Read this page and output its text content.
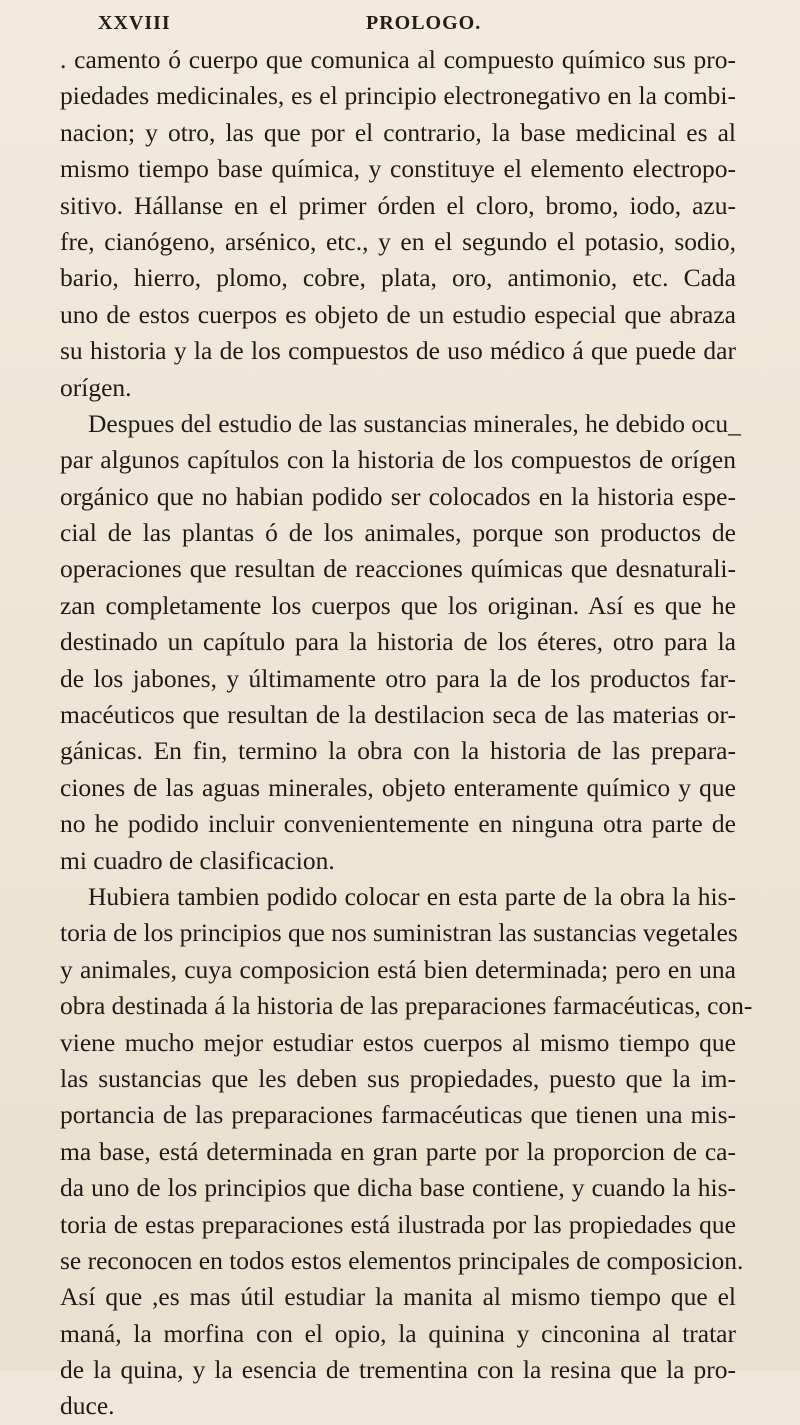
XXVIII	PROLOGO.
. camento ó cuerpo que comunica al compuesto químico sus pro-
piedades medicinales, es el principio electronegativo en la combi-
nacion; y otro, las que por el contrario, la base medicinal es al
mismo tiempo base química, y constituye el elemento electropo-
sitivo. Hállanse en el primer órden el cloro, bromo, iodo, azu-
fre, cianógeno, arsénico, etc., y en el segundo el potasio, sodio,
bario, hierro, plomo, cobre, plata, oro, antimonio, etc. Cada
uno de estos cuerpos es objeto de un estudio especial que abraza
su historia y la de los compuestos de uso médico á que puede dar
orígen.
Despues del estudio de las sustancias minerales, he debido ocu_
par algunos capítulos con la historia de los compuestos de orígen
orgánico que no habian podido ser colocados en la historia espe-
cial de las plantas ó de los animales, porque son productos de
operaciones que resultan de reacciones químicas que desnaturali-
zan completamente los cuerpos que los originan. Así es que he
destinado un capítulo para la historia de los éteres, otro para la
de los jabones, y últimamente otro para la de los productos far-
macéuticos que resultan de la destilacion seca de las materias or-
gánicas. En fin, termino la obra con la historia de las prepara-
ciones de las aguas minerales, objeto enteramente químico y que
no he podido incluir convenientemente en ninguna otra parte de
mi cuadro de clasificacion.
Hubiera tambien podido colocar en esta parte de la obra la his-
toria de los principios que nos suministran las sustancias vegetales
y animales, cuya composicion está bien determinada; pero en una
obra destinada á la historia de las preparaciones farmacéuticas, con-
viene mucho mejor estudiar estos cuerpos al mismo tiempo que
las sustancias que les deben sus propiedades, puesto que la im-
portancia de las preparaciones farmacéuticas que tienen una mis-
ma base, está determinada en gran parte por la proporcion de ca-
da uno de los principios que dicha base contiene, y cuando la his-
toria de estas preparaciones está ilustrada por las propiedades que
se reconocen en todos estos elementos principales de composicion.
Así que ,es mas útil estudiar la manita al mismo tiempo que el
maná, la morfina con el opio, la quinina y cinconina al tratar
de la quina, y la esencia de trementina con la resina que la pro-
duce.
